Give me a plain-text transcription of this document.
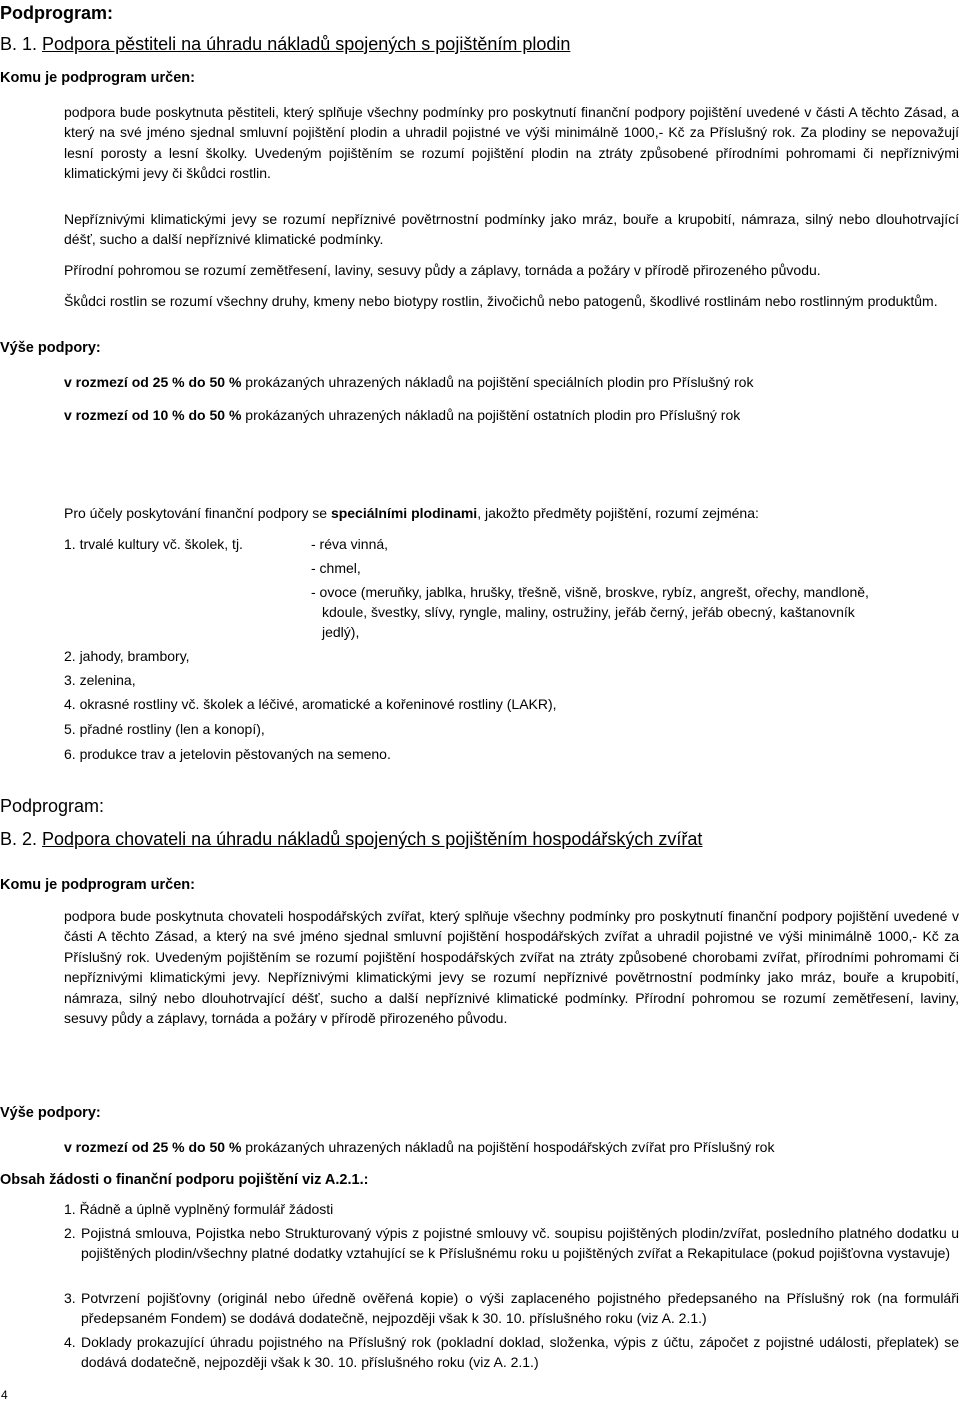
Podprogram:
B. 1. Podpora pěstiteli na úhradu nákladů spojených s pojištěním plodin
Komu je podprogram určen:
podpora bude poskytnuta pěstiteli, který splňuje všechny podmínky pro poskytnutí finanční podpory pojištění uvedené v části A těchto Zásad, a který na své jméno sjednal smluvní pojištění plodin a uhradil pojistné ve výši minimálně 1000,- Kč za Příslušný rok. Za plodiny se nepovažují lesní porosty a lesní školky. Uvedeným pojištěním se rozumí pojištění plodin na ztráty způsobené přírodními pohromami či nepříznivými klimatickými jevy či škůdci rostlin.
Nepříznivými klimatickými jevy se rozumí nepříznivé povětrnostní podmínky jako mráz, bouře a krupobití, námraza, silný nebo dlouhotrvající déšť, sucho a další nepříznivé klimatické podmínky.
Přírodní pohromou se rozumí zemětřesení, laviny, sesuvy půdy a záplavy, tornáda a požáry v přírodě přirozeného původu.
Škůdci rostlin se rozumí všechny druhy, kmeny nebo biotypy rostlin, živočichů nebo patogenů, škodlivé rostlinám nebo rostlinným produktům.
Výše podpory:
v rozmezí od 25 % do 50 % prokázaných uhrazených nákladů na pojištění speciálních plodin pro Příslušný rok
v rozmezí od 10 % do 50 % prokázaných uhrazených nákladů na pojištění ostatních plodin pro Příslušný rok
Pro účely poskytování finanční podpory se speciálními plodinami, jakožto předměty pojištění, rozumí zejména:
1. trvalé kultury vč. školek, tj.	- réva vinná,
- chmel,
- ovoce (meruňky, jablka, hrušky, třešně, višně, broskve, rybíz, angrešt, ořechy, mandloně,
kdoule, švestky, slívy, ryngle, maliny, ostružiny, jeřáb černý, jeřáb obecný, kaštanovník
jedlý),
2. jahody, brambory,
3. zelenina,
4. okrasné rostliny vč. školek a léčivé, aromatické a kořeninové rostliny (LAKR),
5. přadné rostliny (len a konopí),
6. produkce trav a jetelovin pěstovaných na semeno.
Podprogram:
B. 2. Podpora chovateli na úhradu nákladů spojených s pojištěním hospodářských zvířat
Komu je podprogram určen:
podpora bude poskytnuta chovateli hospodářských zvířat, který splňuje všechny podmínky pro poskytnutí finanční podpory pojištění uvedené v části A těchto Zásad, a který na své jméno sjednal smluvní pojištění hospodářských zvířat a uhradil pojistné ve výši minimálně 1000,- Kč za Příslušný rok. Uvedeným pojištěním se rozumí pojištění hospodářských zvířat na ztráty způsobené chorobami zvířat, přírodními pohromami či nepříznivými klimatickými jevy. Nepříznivými klimatickými jevy se rozumí nepříznivé povětrnostní podmínky jako mráz, bouře a krupobití, námraza, silný nebo dlouhotrvající déšť, sucho a další nepříznivé klimatické podmínky. Přírodní pohromou se rozumí zemětřesení, laviny, sesuvy půdy a záplavy, tornáda a požáry v přírodě přirozeného původu.
Výše podpory:
v rozmezí od 25 % do 50 % prokázaných uhrazených nákladů na pojištění hospodářských zvířat pro Příslušný rok
Obsah žádosti o finanční podporu pojištění viz A.2.1.:
1. Řádně a úplně vyplněný formulář žádosti
2. Pojistná smlouva, Pojistka nebo Strukturovaný výpis z pojistné smlouvy vč. soupisu pojištěných plodin/zvířat, posledního platného dodatku u pojištěných plodin/všechny platné dodatky vztahující se k Příslušnému roku u pojištěných zvířat a Rekapitulace (pokud pojišťovna vystavuje)
3. Potvrzení pojišťovny (originál nebo úředně ověřená kopie) o výši zaplaceného pojistného předepsaného na Příslušný rok (na formuláři předepsaném Fondem) se dodává dodatečně, nejpozději však k 30. 10. příslušného roku (viz A. 2.1.)
4. Doklady prokazující úhradu pojistného na Příslušný rok (pokladní doklad, složenka, výpis z účtu, zápočet z pojistné události, přeplatek) se dodává dodatečně, nejpozději však k 30. 10. příslušného roku (viz A. 2.1.)
4
